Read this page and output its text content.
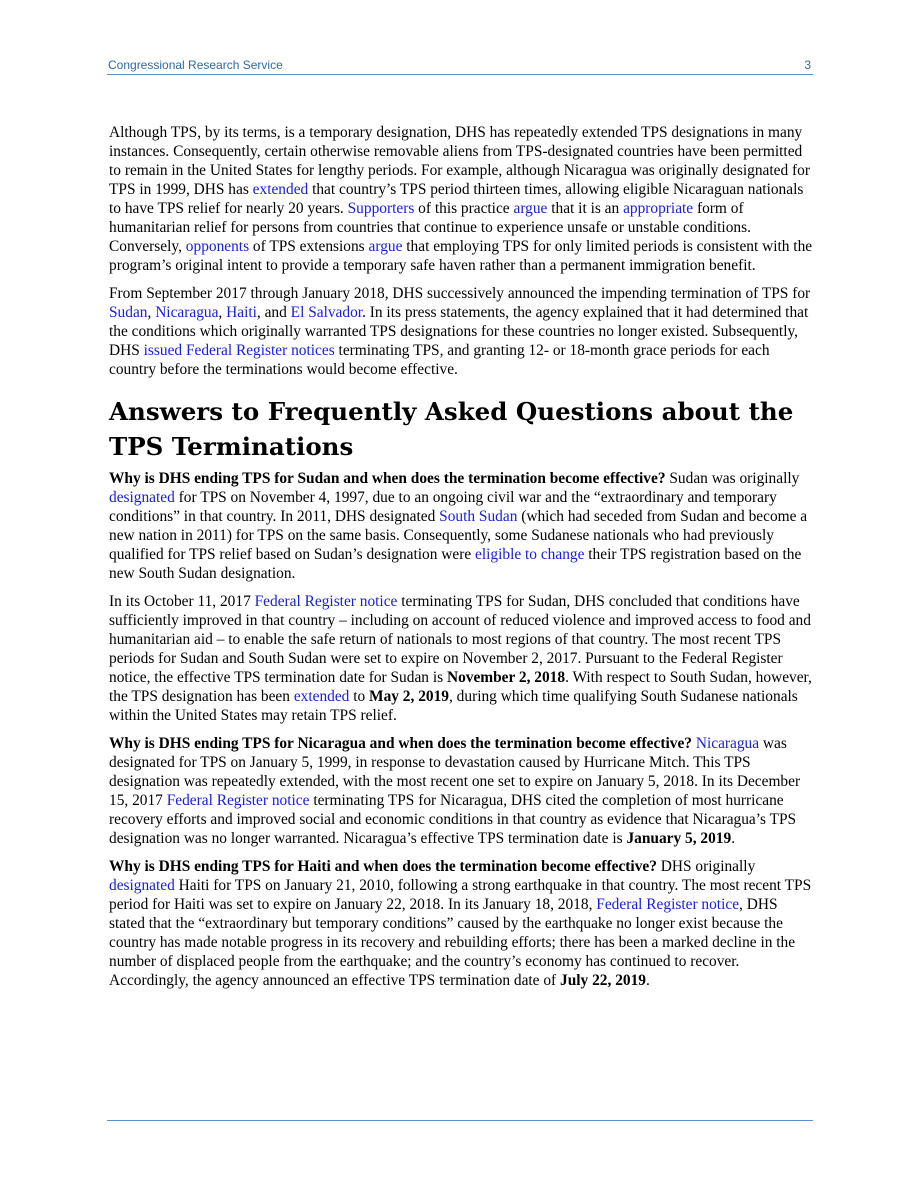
Congressional Research Service	3

Although TPS, by its terms, is a temporary designation, DHS has repeatedly extended TPS designations in many instances. Consequently, certain otherwise removable aliens from TPS-designated countries have been permitted to remain in the United States for lengthy periods. For example, although Nicaragua was originally designated for TPS in 1999, DHS has extended that country’s TPS period thirteen times, allowing eligible Nicaraguan nationals to have TPS relief for nearly 20 years. Supporters of this practice argue that it is an appropriate form of humanitarian relief for persons from countries that continue to experience unsafe or unstable conditions. Conversely, opponents of TPS extensions argue that employing TPS for only limited periods is consistent with the program’s original intent to provide a temporary safe haven rather than a permanent immigration benefit.

From September 2017 through January 2018, DHS successively announced the impending termination of TPS for Sudan, Nicaragua, Haiti, and El Salvador. In its press statements, the agency explained that it had determined that the conditions which originally warranted TPS designations for these countries no longer existed. Subsequently, DHS issued Federal Register notices terminating TPS, and granting 12- or 18-month grace periods for each country before the terminations would become effective.

Answers to Frequently Asked Questions about the TPS Terminations

Why is DHS ending TPS for Sudan and when does the termination become effective? Sudan was originally designated for TPS on November 4, 1997, due to an ongoing civil war and the “extraordinary and temporary conditions” in that country. In 2011, DHS designated South Sudan (which had seceded from Sudan and become a new nation in 2011) for TPS on the same basis. Consequently, some Sudanese nationals who had previously qualified for TPS relief based on Sudan’s designation were eligible to change their TPS registration based on the new South Sudan designation.

In its October 11, 2017 Federal Register notice terminating TPS for Sudan, DHS concluded that conditions have sufficiently improved in that country – including on account of reduced violence and improved access to food and humanitarian aid – to enable the safe return of nationals to most regions of that country. The most recent TPS periods for Sudan and South Sudan were set to expire on November 2, 2017. Pursuant to the Federal Register notice, the effective TPS termination date for Sudan is November 2, 2018. With respect to South Sudan, however, the TPS designation has been extended to May 2, 2019, during which time qualifying South Sudanese nationals within the United States may retain TPS relief.

Why is DHS ending TPS for Nicaragua and when does the termination become effective? Nicaragua was designated for TPS on January 5, 1999, in response to devastation caused by Hurricane Mitch. This TPS designation was repeatedly extended, with the most recent one set to expire on January 5, 2018. In its December 15, 2017 Federal Register notice terminating TPS for Nicaragua, DHS cited the completion of most hurricane recovery efforts and improved social and economic conditions in that country as evidence that Nicaragua’s TPS designation was no longer warranted. Nicaragua’s effective TPS termination date is January 5, 2019.

Why is DHS ending TPS for Haiti and when does the termination become effective? DHS originally designated Haiti for TPS on January 21, 2010, following a strong earthquake in that country. The most recent TPS period for Haiti was set to expire on January 22, 2018. In its January 18, 2018, Federal Register notice, DHS stated that the “extraordinary but temporary conditions” caused by the earthquake no longer exist because the country has made notable progress in its recovery and rebuilding efforts; there has been a marked decline in the number of displaced people from the earthquake; and the country’s economy has continued to recover. Accordingly, the agency announced an effective TPS termination date of July 22, 2019.
